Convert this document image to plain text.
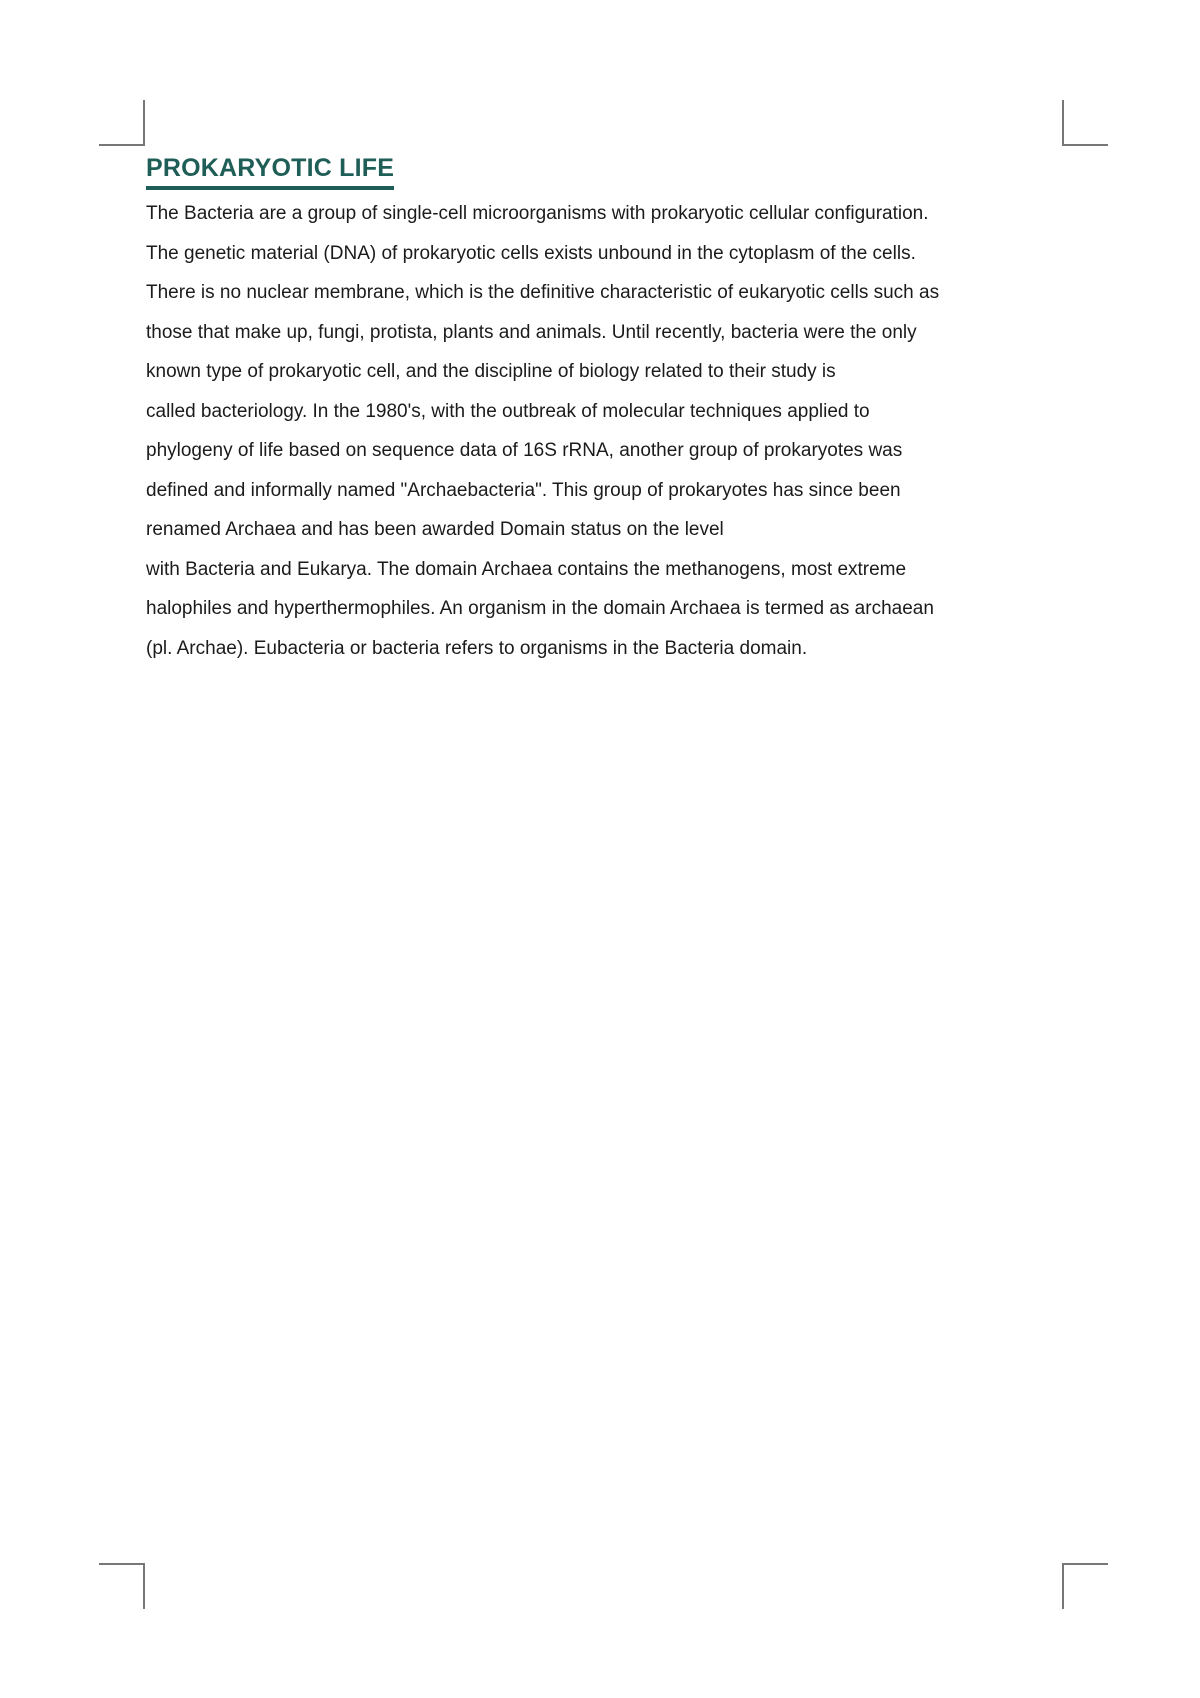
PROKARYOTIC LIFE
The Bacteria are a group of single-cell microorganisms with prokaryotic cellular configuration.
The genetic material (DNA) of prokaryotic cells exists unbound in the cytoplasm of the cells.
There is no nuclear membrane, which is the definitive characteristic of eukaryotic cells such as
those that make up, fungi, protista, plants and animals. Until recently, bacteria were the only
known type of prokaryotic cell, and the discipline of biology related to their study is
called bacteriology. In the 1980's, with the outbreak of molecular techniques applied to
phylogeny of life based on sequence data of 16S rRNA, another group of prokaryotes was
defined and informally named "Archaebacteria". This group of prokaryotes has since been
renamed Archaea and has been awarded Domain status on the level
with Bacteria and Eukarya. The domain Archaea contains the methanogens, most extreme
halophiles and hyperthermophiles. An organism in the domain Archaea is termed as archaean
(pl. Archae). Eubacteria or bacteria refers to organisms in the Bacteria domain.
